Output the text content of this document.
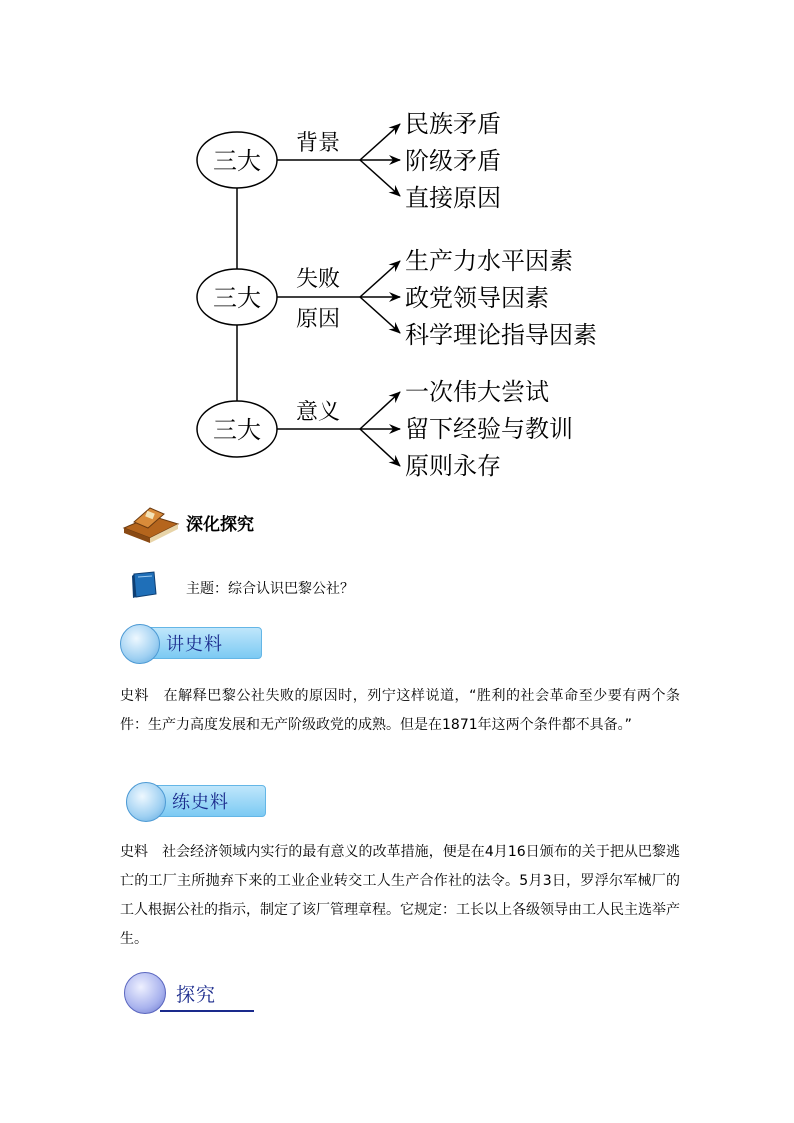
三大
背景
民族矛盾
阶级矛盾
直接原因
三大
失败
原因
生产力水平因素
政党领导因素
科学理论指导因素
三大
意义
一次伟大尝试
留下经验与教训
原则永存
深化探究
主题：综合认识巴黎公社？
讲史料
史料　在解释巴黎公社失败的原因时，列宁这样说道，“胜利的社会革命至少要有两个条件：生产力高度发展和无产阶级政党的成熟。但是在1871年这两个条件都不具备。”
练史料
史料　社会经济领域内实行的最有意义的改革措施，便是在4月16日颁布的关于把从巴黎逃亡的工厂主所抛弃下来的工业企业转交工人生产合作社的法令。5月3日，罗浮尔军械厂的工人根据公社的指示，制定了该厂管理章程。它规定：工长以上各级领导由工人民主选举产生。
探究
